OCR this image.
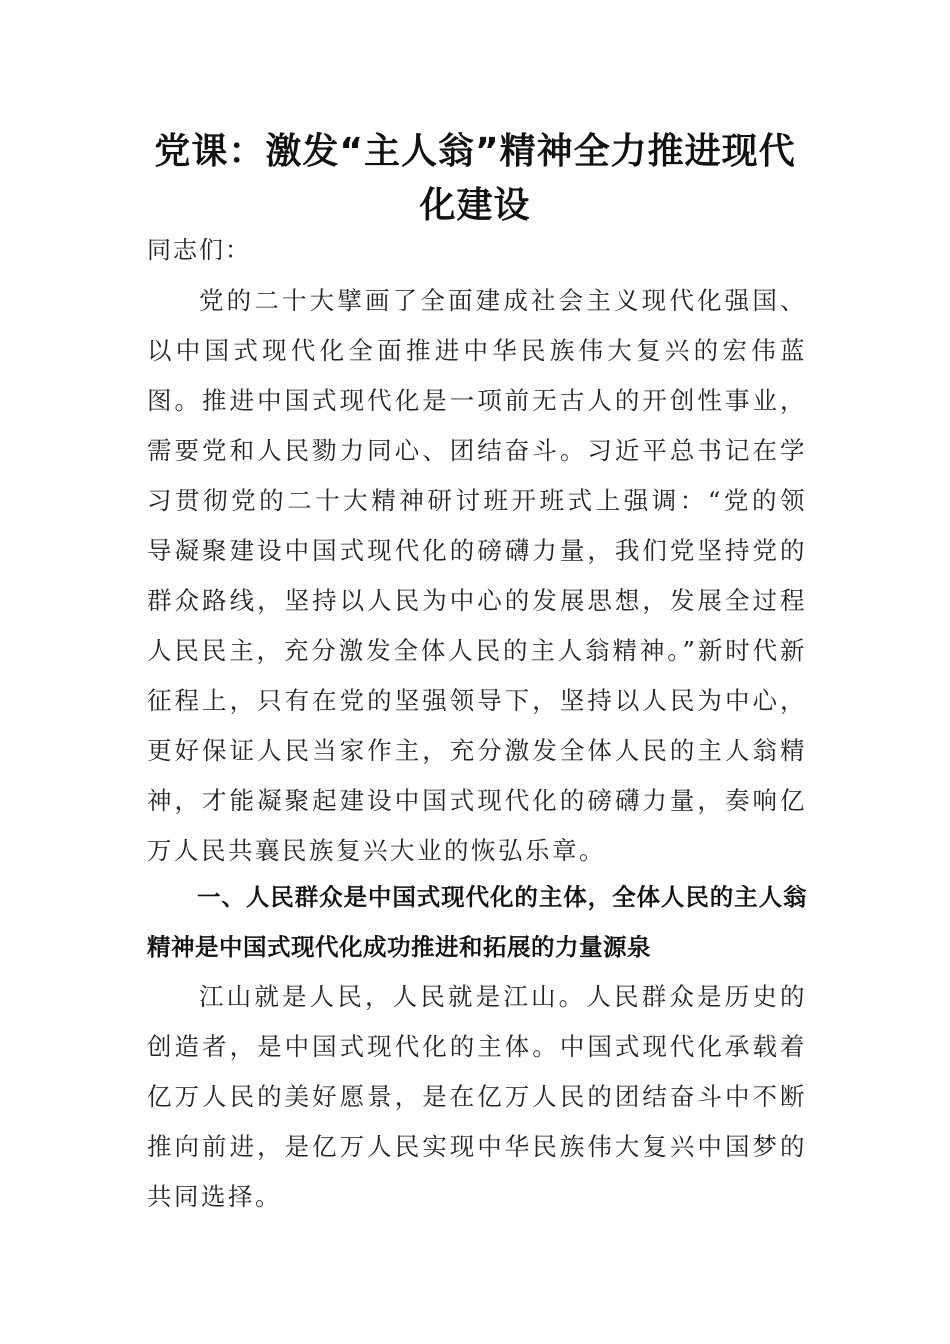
党课：激发“主人翁”精神全力推进现代化建设

同志们：

党的二十大擘画了全面建成社会主义现代化强国、以中国式现代化全面推进中华民族伟大复兴的宏伟蓝图。推进中国式现代化是一项前无古人的开创性事业，需要党和人民勠力同心、团结奋斗。习近平总书记在学习贯彻党的二十大精神研讨班开班式上强调：“党的领导凝聚建设中国式现代化的磅礴力量，我们党坚持党的群众路线，坚持以人民为中心的发展思想，发展全过程人民民主，充分激发全体人民的主人翁精神。”新时代新征程上，只有在党的坚强领导下，坚持以人民为中心，更好保证人民当家作主，充分激发全体人民的主人翁精神，才能凝聚起建设中国式现代化的磅礴力量，奏响亿万人民共襄民族复兴大业的恢弘乐章。

一、人民群众是中国式现代化的主体，全体人民的主人翁精神是中国式现代化成功推进和拓展的力量源泉

江山就是人民，人民就是江山。人民群众是历史的创造者，是中国式现代化的主体。中国式现代化承载着亿万人民的美好愿景，是在亿万人民的团结奋斗中不断推向前进，是亿万人民实现中华民族伟大复兴中国梦的共同选择。
